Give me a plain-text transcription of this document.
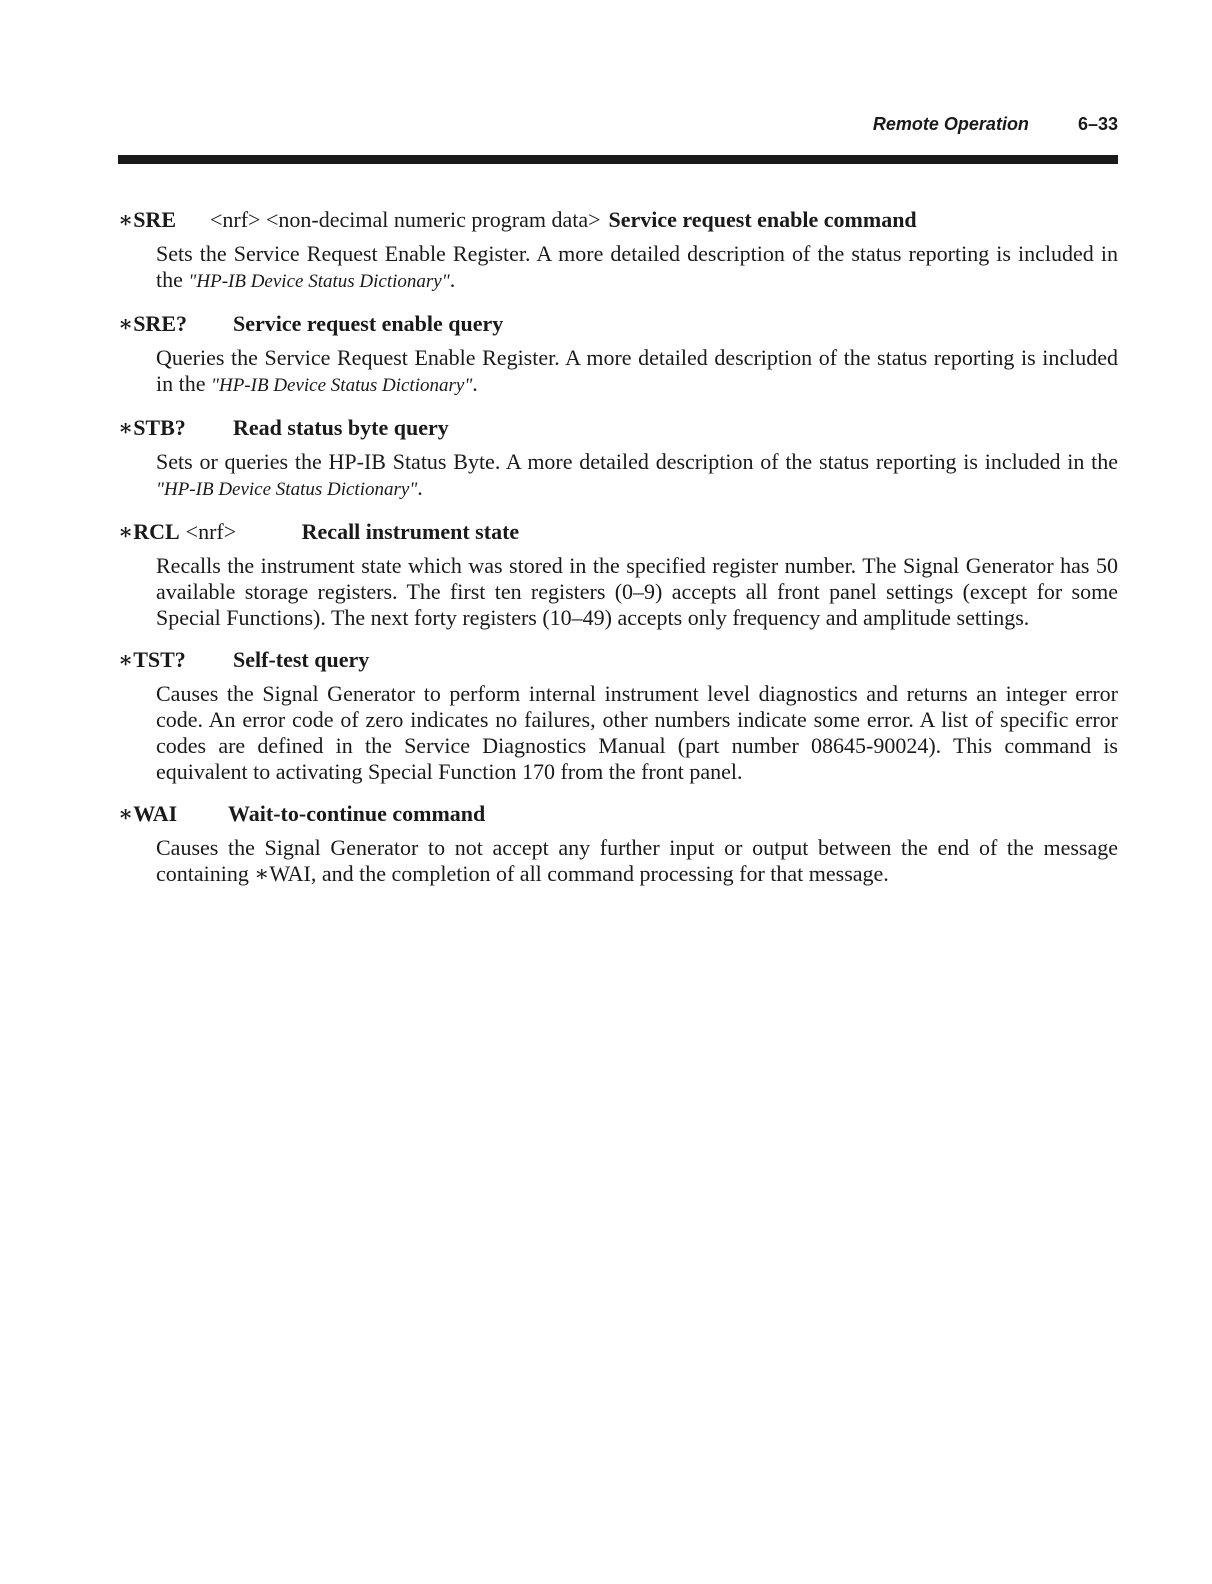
Remote Operation	6–33
∗SRE <nrf> <non-decimal numeric program data> Service request enable command
Sets the Service Request Enable Register. A more detailed description of the status reporting is included in the "HP-IB Device Status Dictionary".
∗SRE? Service request enable query
Queries the Service Request Enable Register. A more detailed description of the status reporting is included in the "HP-IB Device Status Dictionary".
∗STB? Read status byte query
Sets or queries the HP-IB Status Byte. A more detailed description of the status reporting is included in the "HP-IB Device Status Dictionary".
∗RCL <nrf>	Recall instrument state
Recalls the instrument state which was stored in the specified register number. The Signal Generator has 50 available storage registers. The first ten registers (0–9) accepts all front panel settings (except for some Special Functions). The next forty registers (10–49) accepts only frequency and amplitude settings.
∗TST? Self-test query
Causes the Signal Generator to perform internal instrument level diagnostics and returns an integer error code. An error code of zero indicates no failures, other numbers indicate some error. A list of specific error codes are defined in the Service Diagnostics Manual (part number 08645-90024). This command is equivalent to activating Special Function 170 from the front panel.
∗WAI Wait-to-continue command
Causes the Signal Generator to not accept any further input or output between the end of the message containing ∗WAI, and the completion of all command processing for that message.
